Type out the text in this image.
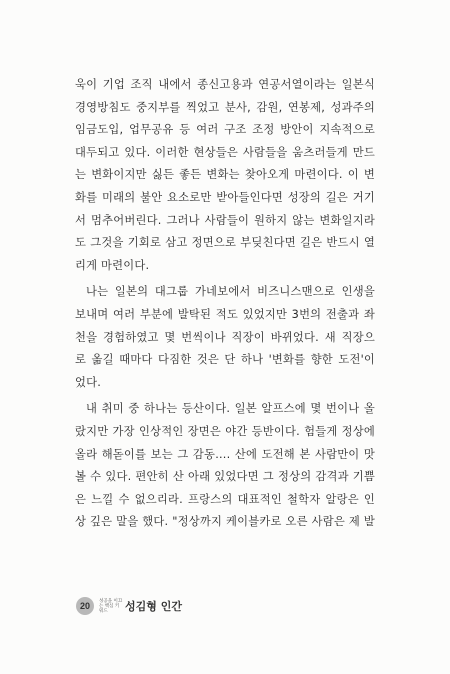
욱이 기업 조직 내에서 종신고용과 연공서열이라는 일본식
경영방침도 중지부를 찍었고 분사, 감원, 연봉제, 성과주의
임금도입, 업무공유 등 여러 구조 조정 방안이 지속적으로
대두되고 있다. 이러한 현상들은 사람들을 움츠러들게 만드
는 변화이지만 싫든 좋든 변화는 찾아오게 마련이다. 이 변
화를 미래의 불안 요소로만 받아들인다면 성장의 길은 거기
서 멈추어버린다. 그러나 사람들이 원하지 않는 변화일지라
도 그것을 기회로 삼고 정면으로 부딪친다면 길은 반드시 열
리게 마련이다.
나는 일본의 대그룹 가네보에서 비즈니스맨으로 인생을
보내며 여러 부분에 발탁된 적도 있었지만 3번의 전출과 좌
천을 경험하였고 몇 번씩이나 직장이 바뀌었다. 새 직장으
로 옮길 때마다 다짐한 것은 단 하나 '변화를 향한 도전'이
었다.
내 취미 중 하나는 등산이다. 일본 알프스에 몇 번이나 올
랐지만 가장 인상적인 장면은 야간 등반이다. 험들게 정상에
올라 해돋이를 보는 그 감동…. 산에 도전해 본 사람만이 맛
볼 수 있다. 편안히 산 아래 있었다면 그 정상의 감격과 기쁨
은 느낄 수 없으리라. 프랑스의 대표적인 철학자 알랑은 인
상 깊은 말을 했다. "정상까지 케이블카로 오른 사람은 제 발
20	성공을 이끄는 핵심 키워드	성김형 인간
